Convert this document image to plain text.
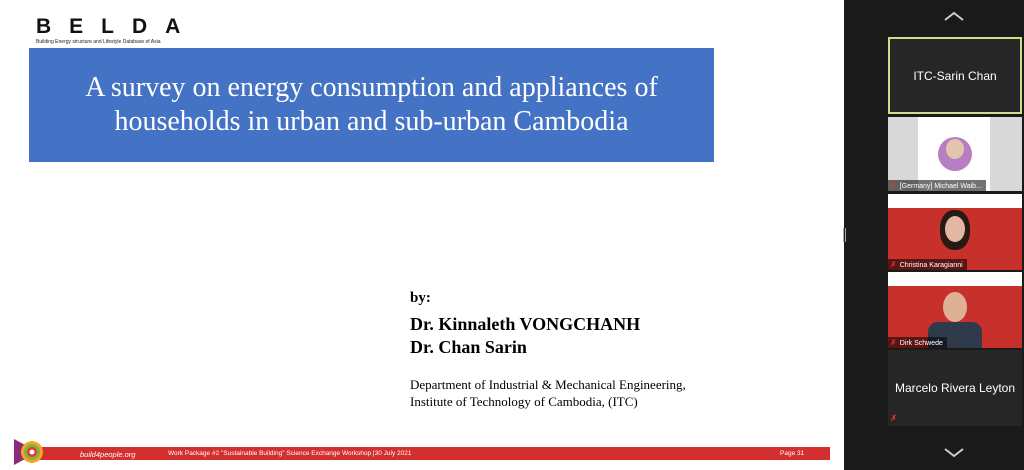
BELDA
Building Energy structure and Lifestyle Database of Asia
A survey on energy consumption and appliances of households in urban and sub-urban Cambodia
by:
Dr. Kinnaleth VONGCHANH
Dr. Chan Sarin
Department of Industrial & Mechanical Engineering,
Institute of Technology of Cambodia, (ITC)
build4people.org	Work Package #2 "Sustainable Building" Science Exchange Workshop |30 July 2021	Page 31
ITC-Sarin Chan
✗ [Germany] Michael Waib...
✗ Christina Karagianni
✗ Dirk Schwede
Marcelo Rivera Leyton
✗
